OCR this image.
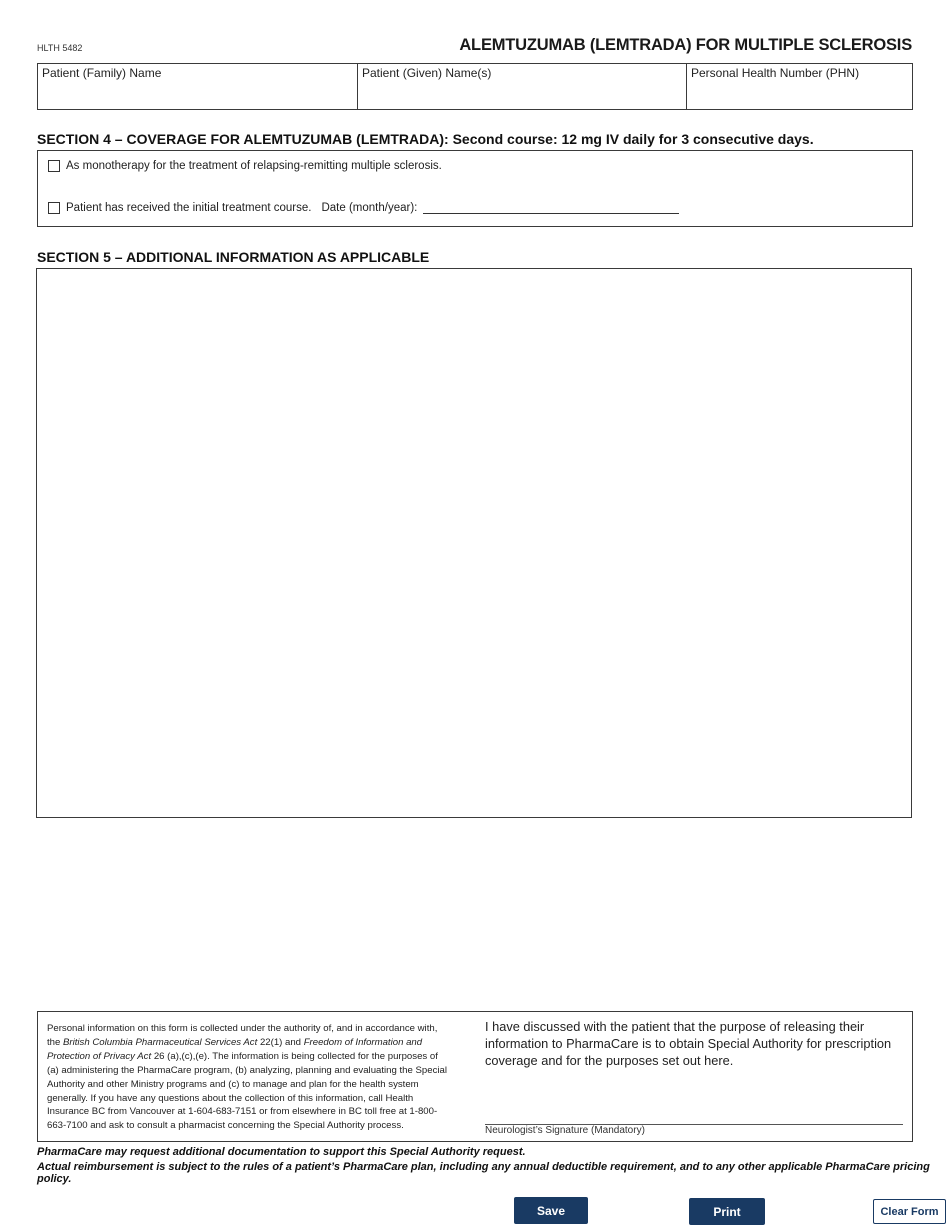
HLTH 5482	ALEMTUZUMAB (LEMTRADA) FOR MULTIPLE SCLEROSIS
Patient (Family) Name	Patient (Given) Name(s)	Personal Health Number (PHN)
SECTION 4 – COVERAGE FOR ALEMTUZUMAB (LEMTRADA): Second course: 12 mg IV daily for 3 consecutive days.
As monotherapy for the treatment of relapsing-remitting multiple sclerosis.
Patient has received the initial treatment course. Date (month/year):
SECTION 5 – ADDITIONAL INFORMATION AS APPLICABLE
Personal information on this form is collected under the authority of, and in accordance with, the British Columbia Pharmaceutical Services Act 22(1) and Freedom of Information and Protection of Privacy Act 26 (a),(c),(e). The information is being collected for the purposes of (a) administering the PharmaCare program, (b) analyzing, planning and evaluating the Special Authority and other Ministry programs and (c) to manage and plan for the health system generally. If you have any questions about the collection of this information, call Health Insurance BC from Vancouver at 1-604-683-7151 or from elsewhere in BC toll free at 1-800-663-7100 and ask to consult a pharmacist concerning the Special Authority process.
I have discussed with the patient that the purpose of releasing their information to PharmaCare is to obtain Special Authority for prescription coverage and for the purposes set out here.
Neurologist’s Signature (Mandatory)
PharmaCare may request additional documentation to support this Special Authority request.
Actual reimbursement is subject to the rules of a patient’s PharmaCare plan, including any annual deductible requirement, and to any other applicable PharmaCare pricing policy.
Save	Print	Clear Form
